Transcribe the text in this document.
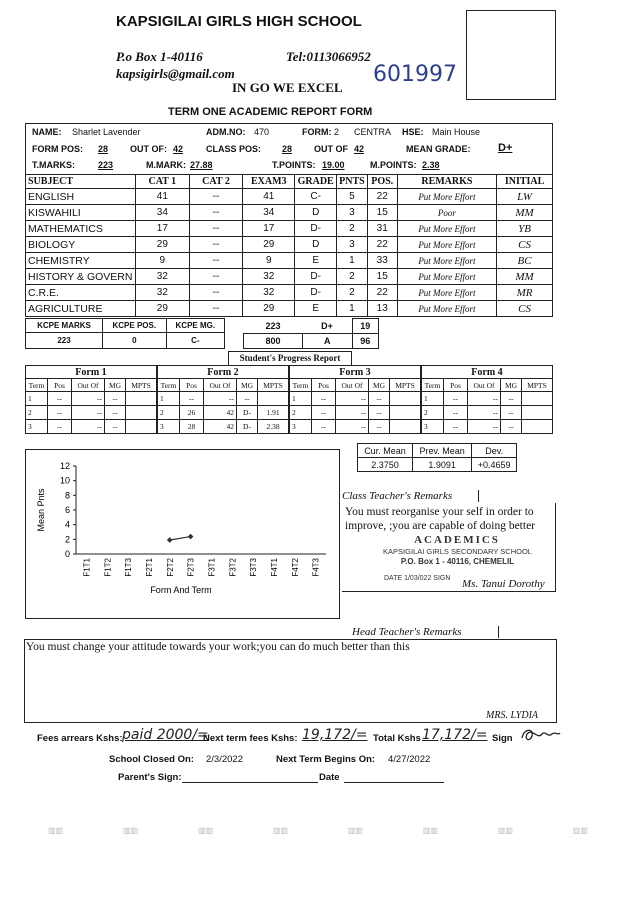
KAPSIGILAI GIRLS HIGH SCHOOL
P.o Box 1-40116	Tel:0113066952
kapsigirls@gmail.com
IN GO WE EXCEL
601997
TERM ONE ACADEMIC REPORT FORM
NAME: Sharlet Lavender	ADM.NO: 470	FORM: 2 CENTRA HSE: Main House
FORM POS: 28 OUT OF: 42	CLASS POS: 28 OUT OF 42	MEAN GRADE:	D+
T.MARKS:	223	M.MARK: 27.88	T.POINTS: 19.00	M.POINTS: 2.38
SUBJECT	CAT 1	CAT 2	EXAM3	GRADE	PNTS	POS.	REMARKS	INITIAL
ENGLISH	41	--	41	C-	5	22	Put More Effort	LW
KISWAHILI	34	--	34	D	3	15	Poor	MM
MATHEMATICS	17	--	17	D-	2	31	Put More Effort	YB
BIOLOGY	29	--	29	D	3	22	Put More Effort	CS
CHEMISTRY	9	--	9	E	1	33	Put More Effort	BC
HISTORY & GOVERN	32	--	32	D-	2	15	Put More Effort	MM
C.R.E.	32	--	32	D-	2	22	Put More Effort	MR
AGRICULTURE	29	--	29	E	1	13	Put More Effort	CS
KCPE MARKS	KCPE POS.	KCPE MG.
223	0	C-
223	D+	19
800	A	96
Student's Progress Report
Form 1				
Term	Pos	Out Of	MG	MPTS
1	--	--	--	
2	--	--	--	
3	--	--	--	
Form 2				
Term	Pos	Out Of	MG	MPTS
1	--	--	--	
2	26	42	D-	1.91
3	28	42	D-	2.38
Form 3				
Term	Pos	Out Of	MG	MPTS
1	--	--	--	
2	--	--	--	
3	--	--	--	
Form 4				
Term	Pos	Out Of	MG	MPTS
1	--	--	--	
2	--	--	--	
3	--	--	--	
Cur. Mean	Prev. Mean	Dev.
2.3750	1.9091	+0.4659
0
2
4
6
8
10
12
F1T1 F1T2 F1T3 F2T1 F2T2 F2T3 F3T1 F3T2 F3T3 F4T1 F4T2 F4T3
Mean Pnts
Form And Term
Class Teacher's Remarks
You must reorganise your self in order to improve, ;you are capable of doing better
ACADEMICS
KAPSIGILAI GIRLS SECONDARY SCHOOL
P.O. Box 1 - 40116, CHEMELIL
DATE 1/03/022 SIGN Ms. Tanui Dorothy
Head Teacher's Remarks
You must change your attitude towards your work;you can do much better than this
MRS. LYDIA
Fees arrears Kshs: paid 2000/=
Next term fees Kshs: 19,172/= Total Kshs 17,172/= Sign
School Closed On: 2/3/2022	Next Term Begins On: 4/27/2022
Parent's Sign:	Date
▥▥	▥▥	▥▥	▥▥	▥▥	▥▥	▥▥	▥▥
